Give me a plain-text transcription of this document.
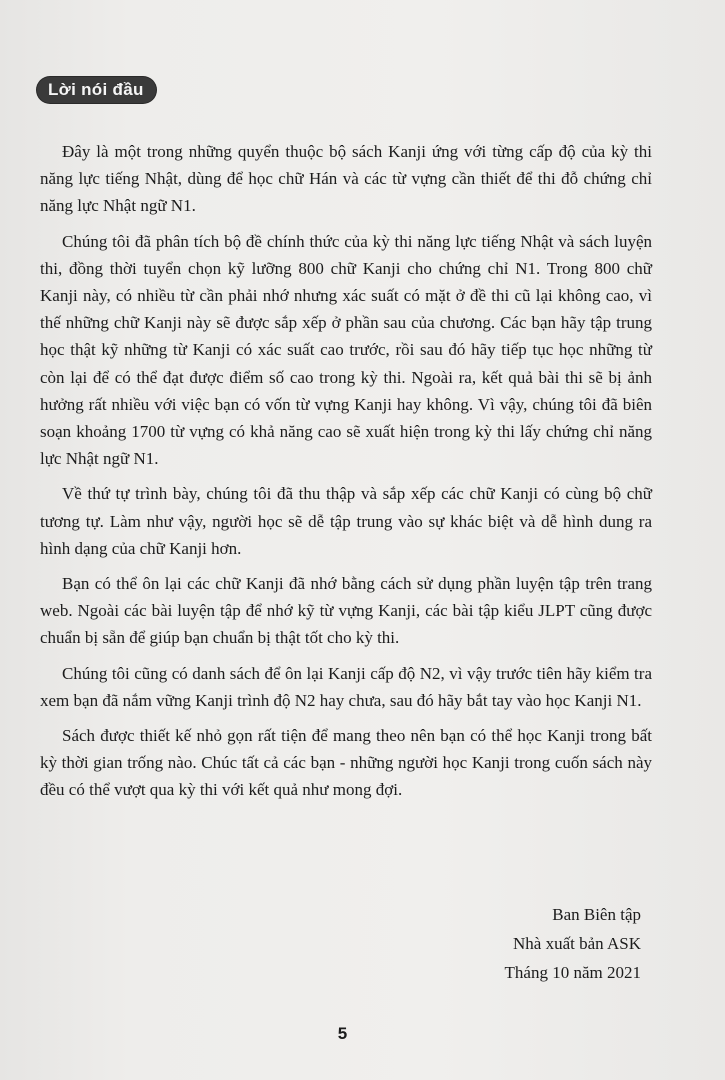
Lời nói đầu

Đây là một trong những quyển thuộc bộ sách Kanji ứng với từng cấp độ của kỳ thi năng lực tiếng Nhật, dùng để học chữ Hán và các từ vựng cần thiết để thi đỗ chứng chỉ năng lực Nhật ngữ N1.

Chúng tôi đã phân tích bộ đề chính thức của kỳ thi năng lực tiếng Nhật và sách luyện thi, đồng thời tuyển chọn kỹ lưỡng 800 chữ Kanji cho chứng chỉ N1. Trong 800 chữ Kanji này, có nhiều từ cần phải nhớ nhưng xác suất có mặt ở đề thi cũ lại không cao, vì thế những chữ Kanji này sẽ được sắp xếp ở phần sau của chương. Các bạn hãy tập trung học thật kỹ những từ Kanji có xác suất cao trước, rồi sau đó hãy tiếp tục học những từ còn lại để có thể đạt được điểm số cao trong kỳ thi. Ngoài ra, kết quả bài thi sẽ bị ảnh hưởng rất nhiều với việc bạn có vốn từ vựng Kanji hay không. Vì vậy, chúng tôi đã biên soạn khoảng 1700 từ vựng có khả năng cao sẽ xuất hiện trong kỳ thi lấy chứng chỉ năng lực Nhật ngữ N1.

Về thứ tự trình bày, chúng tôi đã thu thập và sắp xếp các chữ Kanji có cùng bộ chữ tương tự. Làm như vậy, người học sẽ dễ tập trung vào sự khác biệt và dễ hình dung ra hình dạng của chữ Kanji hơn.

Bạn có thể ôn lại các chữ Kanji đã nhớ bằng cách sử dụng phần luyện tập trên trang web. Ngoài các bài luyện tập để nhớ kỹ từ vựng Kanji, các bài tập kiểu JLPT cũng được chuẩn bị sẵn để giúp bạn chuẩn bị thật tốt cho kỳ thi.

Chúng tôi cũng có danh sách để ôn lại Kanji cấp độ N2, vì vậy trước tiên hãy kiểm tra xem bạn đã nắm vững Kanji trình độ N2 hay chưa, sau đó hãy bắt tay vào học Kanji N1.

Sách được thiết kế nhỏ gọn rất tiện để mang theo nên bạn có thể học Kanji trong bất kỳ thời gian trống nào. Chúc tất cả các bạn - những người học Kanji trong cuốn sách này đều có thể vượt qua kỳ thi với kết quả như mong đợi.

Ban Biên tập
Nhà xuất bản ASK
Tháng 10 năm 2021
5
